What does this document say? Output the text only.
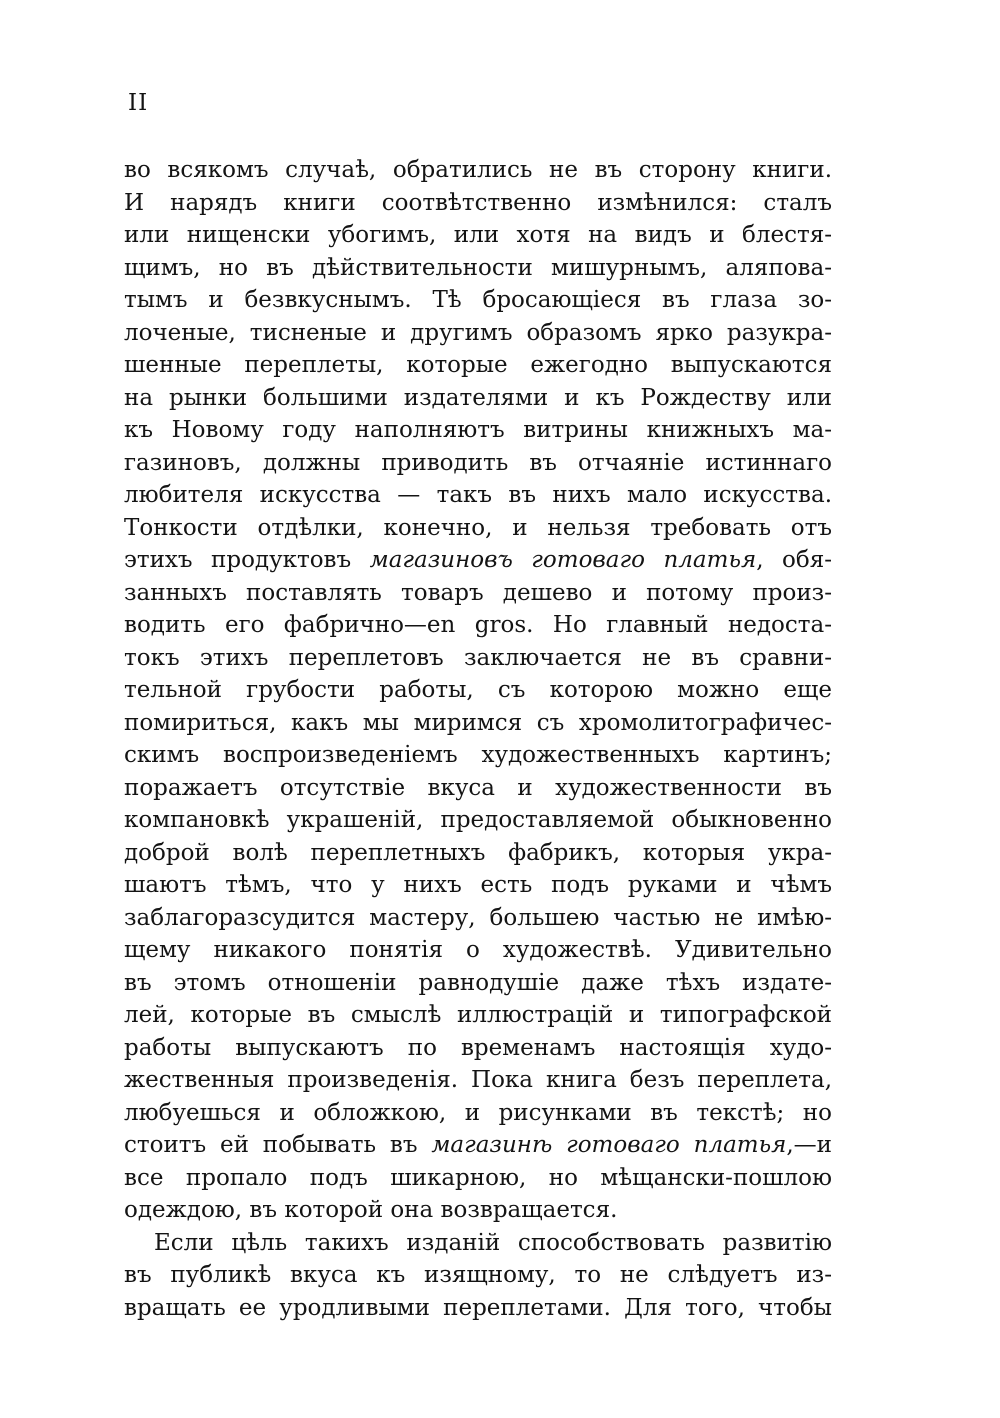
II
во всякомъ случаѣ, обратились не въ сторону книги.
И нарядъ книги соотвѣтственно измѣнился: сталъ
или нищенски убогимъ, или хотя на видъ и блестя-
щимъ, но въ дѣйствительности мишурнымъ, аляпова-
тымъ и безвкуснымъ. Тѣ бросающіеся въ глаза зо-
лоченые, тисненые и другимъ образомъ ярко разукра-
шенные переплеты, которые ежегодно выпускаются
на рынки большими издателями и къ Рождеству или
къ Новому году наполняютъ витрины книжныхъ ма-
газиновъ, должны приводить въ отчаяніе истиннаго
любителя искусства — такъ въ нихъ мало искусства.
Тонкости отдѣлки, конечно, и нельзя требовать отъ
этихъ продуктовъ магазиновъ готоваго платья, обя-
занныхъ поставлять товаръ дешево и потому произ-
водить его фабрично—en gros. Но главный недоста-
токъ этихъ переплетовъ заключается не въ сравни-
тельной грубости работы, съ которою можно еще
помириться, какъ мы миримся съ хромолитографичес-
скимъ воспроизведеніемъ художественныхъ картинъ;
поражаетъ отсутствіе вкуса и художественности въ
компановкѣ украшеній, предоставляемой обыкновенно
доброй волѣ переплетныхъ фабрикъ, которыя укра-
шаютъ тѣмъ, что у нихъ есть подъ руками и чѣмъ
заблагоразсудится мастеру, большею частью не имѣю-
щему никакого понятія о художествѣ. Удивительно
въ этомъ отношеніи равнодушіе даже тѣхъ издате-
лей, которые въ смыслѣ иллюстрацій и типографской
работы выпускаютъ по временамъ настоящія худо-
жественныя произведенія. Пока книга безъ переплета,
любуешься и обложкою, и рисунками въ текстѣ; но
стоитъ ей побывать въ магазинѣ готоваго платья,—и
все пропало подъ шикарною, но мѣщански-пошлою
одеждою, въ которой она возвращается.
Если цѣль такихъ изданій способствовать развитію
въ публикѣ вкуса къ изящному, то не слѣдуетъ из-
вращать ее уродливыми переплетами. Для того, чтобы
